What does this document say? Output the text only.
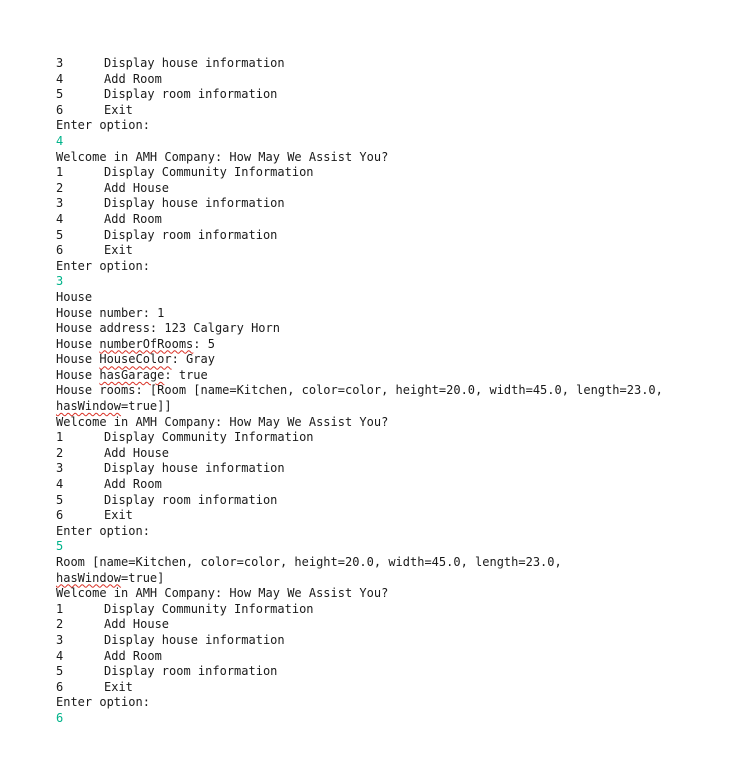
3	Display house information
4	Add Room
5	Display room information
6	Exit
Enter option:
4
Welcome in AMH Company: How May We Assist You?
1	Display Community Information
2	Add House
3	Display house information
4	Add Room
5	Display room information
6	Exit
Enter option:
3
House
House number: 1
House address: 123 Calgary Horn
House numberOfRooms: 5
House HouseColor: Gray
House hasGarage: true
House rooms: [Room [name=Kitchen, color=color, height=20.0, width=45.0, length=23.0,
hasWindow=true]]
Welcome in AMH Company: How May We Assist You?
1	Display Community Information
2	Add House
3	Display house information
4	Add Room
5	Display room information
6	Exit
Enter option:
5
Room [name=Kitchen, color=color, height=20.0, width=45.0, length=23.0,
hasWindow=true]
Welcome in AMH Company: How May We Assist You?
1	Display Community Information
2	Add House
3	Display house information
4	Add Room
5	Display room information
6	Exit
Enter option:
6
